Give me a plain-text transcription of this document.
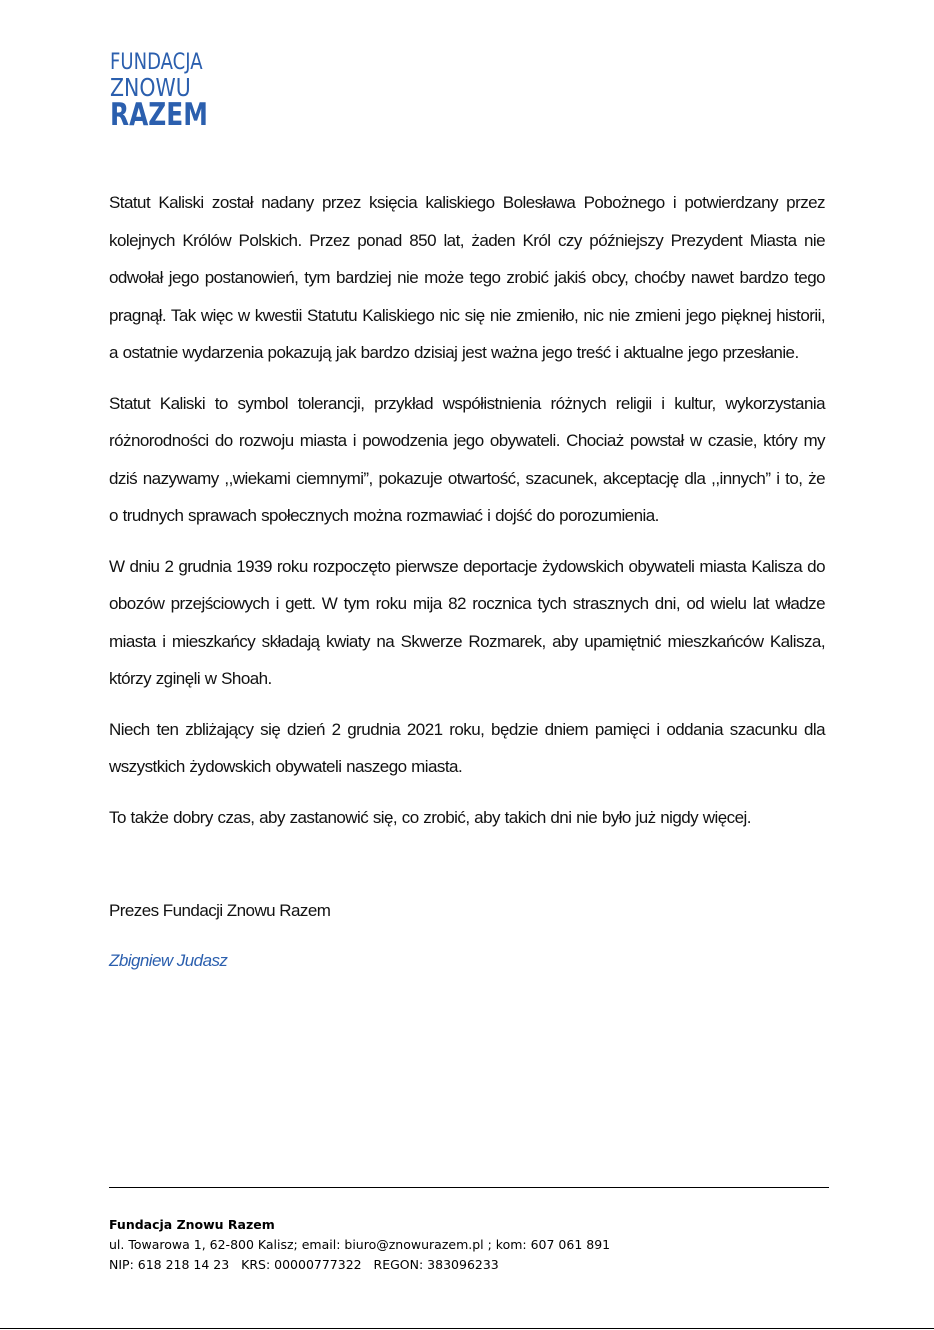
FUNDACJA
ZNOWU
RAZEM

Statut Kaliski został nadany przez księcia kaliskiego Bolesława Pobożnego i potwierdzany przez kolejnych Królów Polskich. Przez ponad 850 lat, żaden Król czy późniejszy Prezydent Miasta nie odwołał jego postanowień, tym bardziej nie może tego zrobić jakiś obcy, choćby nawet bardzo tego pragnął. Tak więc w kwestii Statutu Kaliskiego nic się nie zmieniło, nic nie zmieni jego pięknej historii, a ostatnie wydarzenia pokazują jak bardzo dzisiaj jest ważna jego treść i aktualne jego przesłanie.

Statut Kaliski to symbol tolerancji, przykład współistnienia różnych religii i kultur, wykorzystania różnorodności do rozwoju miasta i powodzenia jego obywateli. Chociaż powstał w czasie, który my dziś nazywamy ,,wiekami ciemnymi”, pokazuje otwartość, szacunek, akceptację dla ,,innych” i to, że o trudnych sprawach społecznych można rozmawiać i dojść do porozumienia.

W dniu 2 grudnia 1939 roku rozpoczęto pierwsze deportacje żydowskich obywateli miasta Kalisza do obozów przejściowych i gett. W tym roku mija 82 rocznica tych strasznych dni, od wielu lat władze miasta i mieszkańcy składają kwiaty na Skwerze Rozmarek, aby upamiętnić mieszkańców Kalisza, którzy zginęli w Shoah.

Niech ten zbliżający się dzień 2 grudnia 2021 roku, będzie dniem pamięci i oddania szacunku dla wszystkich żydowskich obywateli naszego miasta.

To także dobry czas, aby zastanowić się, co zrobić, aby takich dni nie było już nigdy więcej.

Prezes Fundacji Znowu Razem
Zbigniew Judasz
Fundacja Znowu Razem
ul. Towarowa 1, 62-800 Kalisz; email: biuro@znowurazem.pl ; kom: 607 061 891
NIP: 618 218 14 23   KRS: 00000777322   REGON: 383096233
